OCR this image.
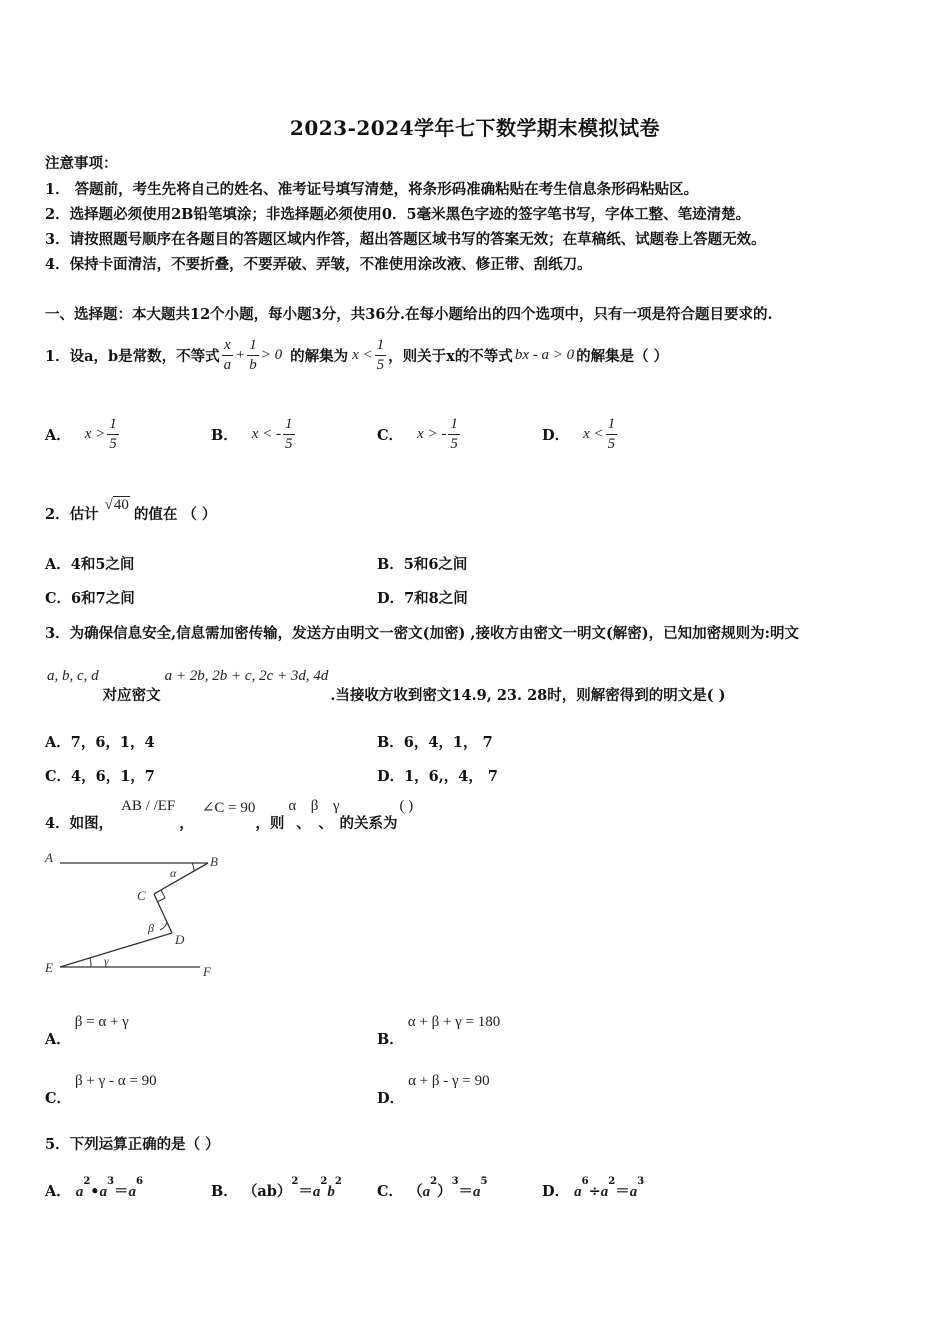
2023-2024学年七下数学期末模拟试卷
注意事项：
1． 答题前，考生先将自己的姓名、准考证号填写清楚，将条形码准确粘贴在考生信息条形码粘贴区。
2．选择题必须使用2B铅笔填涂；非选择题必须使用0．5毫米黑色字迹的签字笔书写，字体工整、笔迹清楚。
3．请按照题号顺序在各题目的答题区域内作答，超出答题区域书写的答案无效；在草稿纸、试题卷上答题无效。
4．保持卡面清洁，不要折叠，不要弄破、弄皱，不准使用涂改液、修正带、刮纸刀。
一、选择题：本大题共12个小题，每小题3分，共36分.在每小题给出的四个选项中，只有一项是符合题目要求的.
1．设a，b是常数，不等式 $\frac{x}{a} + \frac{1}{b} > 0$ 的解集为 $x < \frac{1}{5}$ ，则关于x的不等式 bx - a > 0 的解集是（ ）
A． $x > \frac{1}{5}$	B． x < - $\frac{1}{5}$	C． x > - $\frac{1}{5}$	D． $x < \frac{1}{5}$
2．估计
√40
的值在 （ ）
A．4和5之间	B．5和6之间
C．6和7之间	D．7和8之间
3．为确保信息安全,信息需加密传输，发送方由明文一密文(加密) ,接收方由密文一明文(解密)，已知加密规则为:明文
a, b, c, d
对应密文
a + 2b, 2b + c, 2c + 3d, 4d
.当接收方收到密文14.9, 23. 28时，则解密得到的明文是( )
A．7，6，1，4	B．6，4，1， 7
C．4，6，1，7	D．1，6,，4， 7
4．如图，
AB / /EF
，
∠C = 90
，则
α
、
β
、
γ
的关系为
( )
A	B
C
D
E	F
α
β
γ
A．
β = α + γ
B．
α + β + γ = 180
C．
β + γ - α = 90
D．
α + β - γ = 90
5．下列运算正确的是（ ）
A． $a^2•a^3=a^6$
B． $(ab)^2=a^2b^2$
C． $(a^2)^3=a^5$
D． $a^6\div a^2=a^3$
